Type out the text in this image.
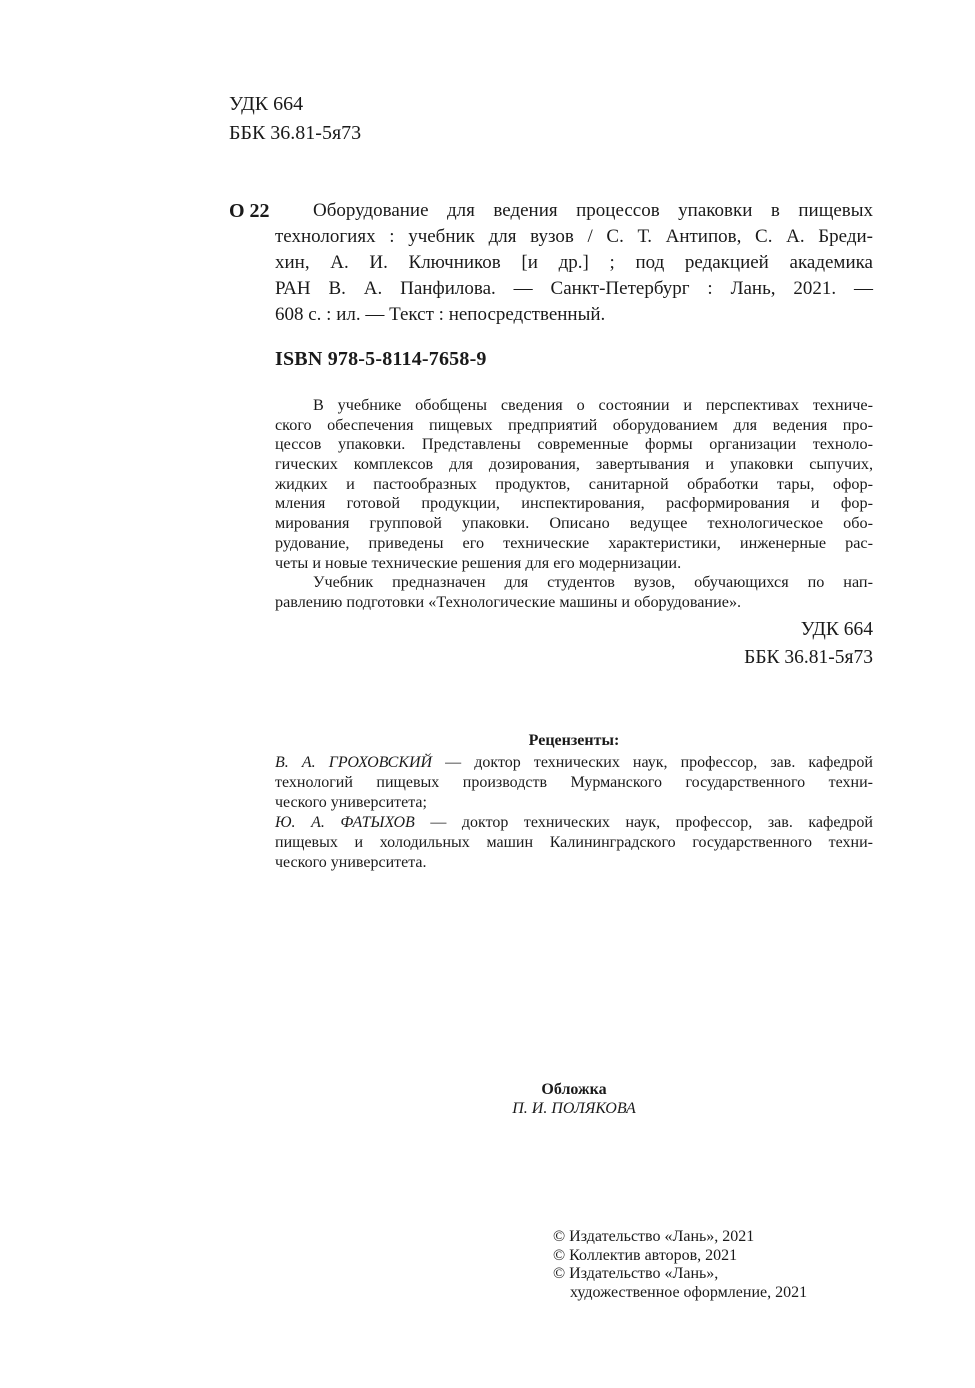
УДК 664
ББК 36.81-5я73
О 22	Оборудование для ведения процессов упаковки в пищевых
технологиях : учебник для вузов / С. Т. Антипов, С. А. Бреди-
хин, А. И. Ключников [и др.] ; под редакцией академика
РАН В. А. Панфилова. — Санкт-Петербург : Лань, 2021. —
608 с. : ил. — Текст : непосредственный.
ISBN 978-5-8114-7658-9
В учебнике обобщены сведения о состоянии и перспективах техниче-
ского обеспечения пищевых предприятий оборудованием для ведения про-
цессов упаковки. Представлены современные формы организации техноло-
гических комплексов для дозирования, завертывания и упаковки сыпучих,
жидких и пастообразных продуктов, санитарной обработки тары, офор-
мления готовой продукции, инспектирования, расформирования и фор-
мирования групповой упаковки. Описано ведущее технологическое обо-
рудование, приведены его технические характеристики, инженерные рас-
четы и новые технические решения для его модернизации.
Учебник предназначен для студентов вузов, обучающихся по нап-
равлению подготовки «Технологические машины и оборудование».
УДК 664
ББК 36.81-5я73
Рецензенты:
В. А. ГРОХОВСКИЙ — доктор технических наук, профессор, зав. кафедрой
технологий пищевых производств Мурманского государственного техни-
ческого университета;
Ю. А. ФАТЫХОВ — доктор технических наук, профессор, зав. кафедрой
пищевых и холодильных машин Калининградского государственного техни-
ческого университета.
Обложка
П. И. ПОЛЯКОВА
© Издательство «Лань», 2021
© Коллектив авторов, 2021
© Издательство «Лань»,
художественное оформление, 2021
